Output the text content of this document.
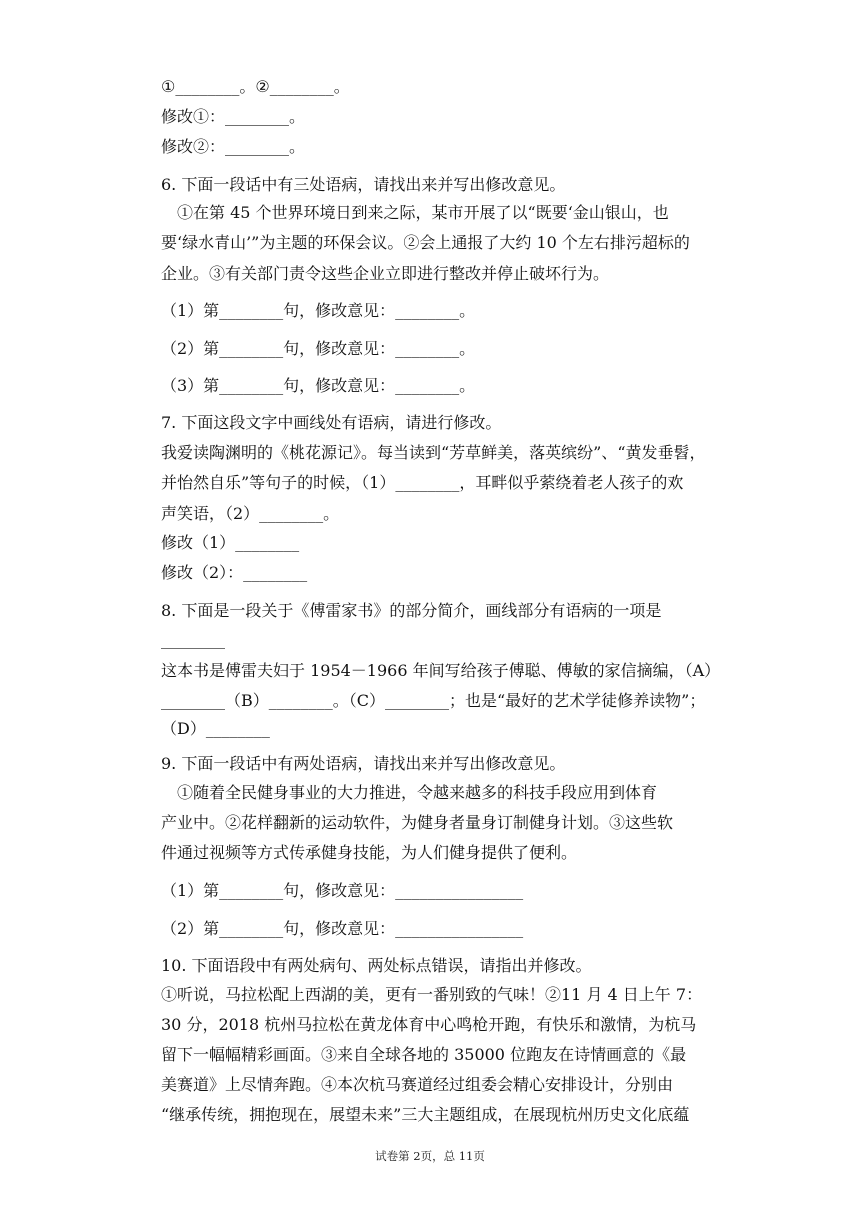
①________。②________。
修改①：________。
修改②：________。
6. 下面一段话中有三处语病，请找出来并写出修改意见。
　①在第 45 个世界环境日到来之际，某市开展了以“既要‘金山银山，也
要‘绿水青山’”为主题的环保会议。②会上通报了大约 10 个左右排污超标的
企业。③有关部门责令这些企业立即进行整改并停止破坏行为。
（1）第________句，修改意见：________。
（2）第________句，修改意见：________。
（3）第________句，修改意见：________。
7. 下面这段文字中画线处有语病，请进行修改。
我爱读陶渊明的《桃花源记》。每当读到“芳草鲜美，落英缤纷”、“黄发垂髫，
并怡然自乐”等句子的时候，（1）________，耳畔似乎萦绕着老人孩子的欢
声笑语，（2）________。
修改（1）________
修改（2）：________
8. 下面是一段关于《傅雷家书》的部分简介，画线部分有语病的一项是
________
这本书是傅雷夫妇于 1954－1966 年间写给孩子傅聪、傅敏的家信摘编，（A）
________（B）________。（C）________；也是“最好的艺术学徒修养读物”；
（D）________
9. 下面一段话中有两处语病，请找出来并写出修改意见。
　①随着全民健身事业的大力推进，令越来越多的科技手段应用到体育
产业中。②花样翻新的运动软件，为健身者量身订制健身计划。③这些软
件通过视频等方式传承健身技能，为人们健身提供了便利。
（1）第________句，修改意见：________________
（2）第________句，修改意见：________________
10. 下面语段中有两处病句、两处标点错误，请指出并修改。
①听说，马拉松配上西湖的美，更有一番别致的气味！②11 月 4 日上午 7：
30 分，2018 杭州马拉松在黄龙体育中心鸣枪开跑，有快乐和激情，为杭马
留下一幅幅精彩画面。③来自全球各地的 35000 位跑友在诗情画意的《最
美赛道》上尽情奔跑。④本次杭马赛道经过组委会精心安排设计，分别由
“继承传统，拥抱现在，展望未来”三大主题组成，在展现杭州历史文化底蕴
试卷第 2页，总 11页
